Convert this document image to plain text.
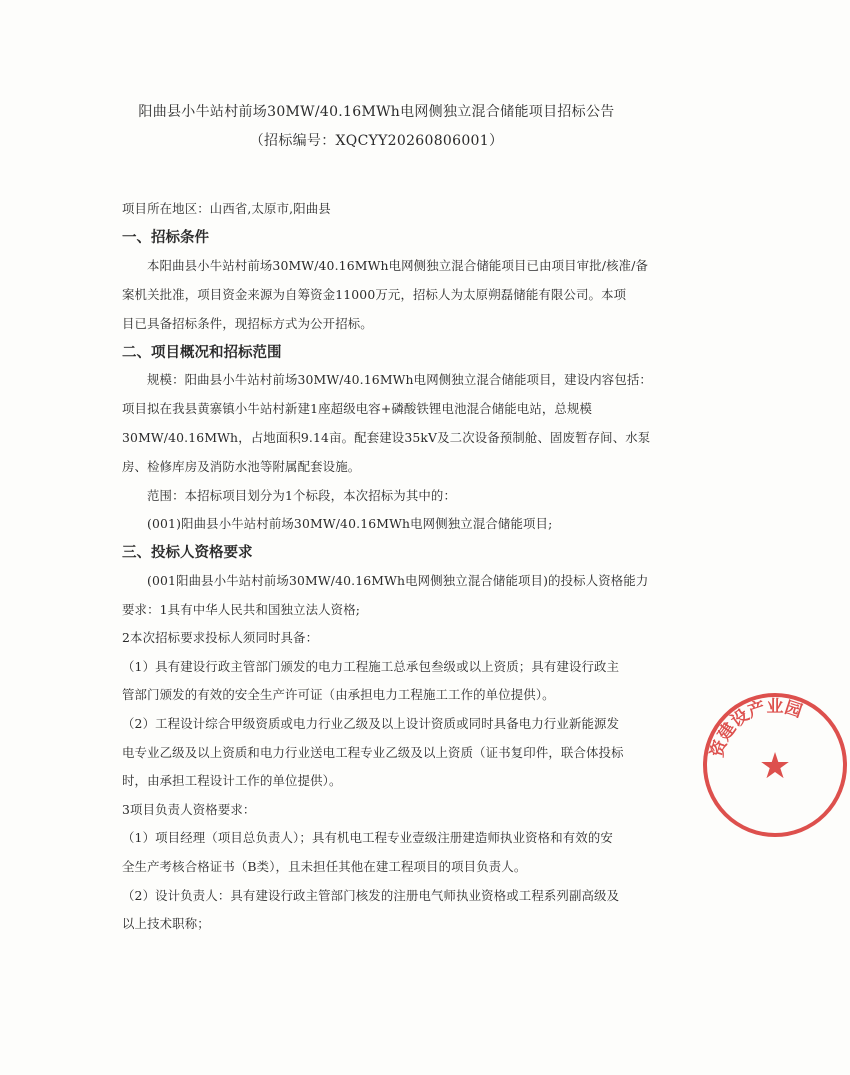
阳曲县小牛站村前场30MW/40.16MWh电网侧独立混合储能项目招标公告
（招标编号：XQCYY20260806001）
项目所在地区：山西省,太原市,阳曲县
一、招标条件
本阳曲县小牛站村前场30MW/40.16MWh电网侧独立混合储能项目已由项目审批/核准/备
案机关批准，项目资金来源为自筹资金11000万元，招标人为太原朔磊储能有限公司。本项
目已具备招标条件，现招标方式为公开招标。
二、项目概况和招标范围
规模：阳曲县小牛站村前场30MW/40.16MWh电网侧独立混合储能项目，建设内容包括：
项目拟在我县黄寨镇小牛站村新建1座超级电容+磷酸铁锂电池混合储能电站，总规模
30MW/40.16MWh，占地面积9.14亩。配套建设35kV及二次设备预制舱、固废暂存间、水泵
房、检修库房及消防水池等附属配套设施。
范围：本招标项目划分为1个标段，本次招标为其中的：
(001)阳曲县小牛站村前场30MW/40.16MWh电网侧独立混合储能项目;
三、投标人资格要求
(001阳曲县小牛站村前场30MW/40.16MWh电网侧独立混合储能项目)的投标人资格能力
要求：1具有中华人民共和国独立法人资格;
2本次招标要求投标人须同时具备：
（1）具有建设行政主管部门颁发的电力工程施工总承包叁级或以上资质；具有建设行政主
管部门颁发的有效的安全生产许可证（由承担电力工程施工工作的单位提供）。
（2）工程设计综合甲级资质或电力行业乙级及以上设计资质或同时具备电力行业新能源发
电专业乙级及以上资质和电力行业送电工程专业乙级及以上资质（证书复印件，联合体投标
时，由承担工程设计工作的单位提供）。
3项目负责人资格要求：
（1）项目经理（项目总负责人）；具有机电工程专业壹级注册建造师执业资格和有效的安
全生产考核合格证书（B类），且未担任其他在建工程项目的项目负责人。
（2）设计负责人：具有建设行政主管部门核发的注册电气师执业资格或工程系列副高级及
以上技术职称；
资建设产业园
★
